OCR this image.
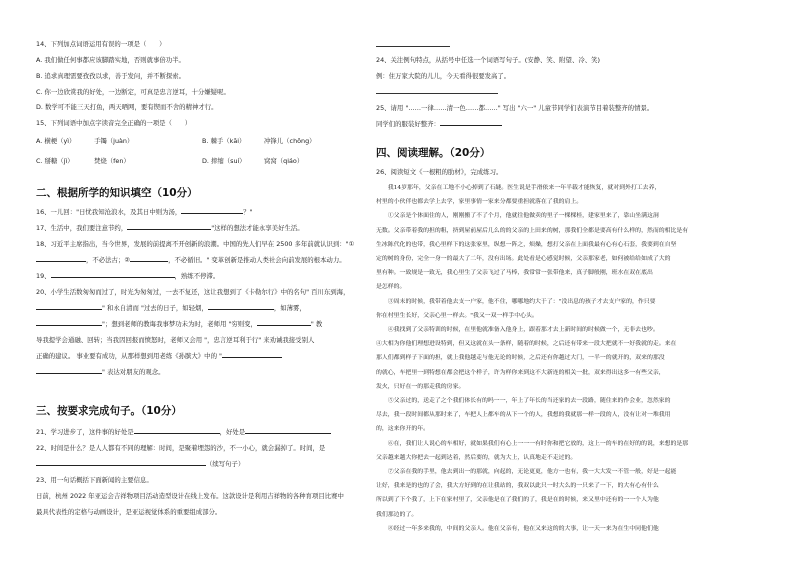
14、下列加点词语运用有误的一项是（　　）
A. 我们做任何事都应该脚踏实地，否则就事倍功半。
B. 追求真理需要孜孜以求，善于发问，并不断探索。
C. 你一边欣赏我的好处，一边断定，可真是忠言逆耳，十分嫌疑呢。
D. 数学可不能三天打鱼，两天晒网，要有锲而不舍的精神才行。
15、下列词语中加点字读音完全正确的一项是（　　）
A. 横梗（yì）	手镯（juàn）	B. 棘手（kāi）	冲锋儿（chōng）
C. 掰糖（jì）	焚烧（fen）	D. 摔缩（suí）	窝窝（qiáo）
二、根据所学的知识填空（10分）
16、一儿回："日忧我知沧浪水，及其日中则为汤，	？"
17、生活中，我们要注意节约，	"这样的想法才能永享美好生活。
18、习近平主席指出，当今世界，发展的前提离不开创新的浪潮。中国的先人们早在 2500 多年前就认识到："①
，不必法古；②	，不必循旧。" 变革创新是推动人类社会向前发展的根本动力。
19、	，熟练不停滞。
20、小学生活数匆匆而过了，时光为匆匆过，一去不复还，这让我想到了《卡勒尔行》中的名句" 百川东到海，
" 和永自清而 "过去的日子，如轻烟，	，如薄雾，
"；想到老师的教诲我事梦功未为时，老师用 "穷则变，	" 教
导我提学会通融、回转；当我因回报而愤怒时，老师又会用 "，忠言逆耳利于行" 来劝诫我接受别人
正确的建议。 事业要有成功，从那样想到用老练《孙膑大》中的 "
" 表达对朋友的观念。
三、按要求完成句子。（10分）
21、学习进步了，这件事的好处是	，好处是
22、时间是什么？是人人都有不同的理解：时间，是聚着埋怨的沙，不一小心，就会漏掉了。时间，是
（续写句子）
23、用一句话概括下面新闻的主要信息。
日前，杭州 2022 年亚运会吉祥物项目活动造型设计在线上发布。这款设计是利用吉祥物的各种育项目比赛中
最具代表性的定格与动画设计，是亚运视觉体系的重要组成部分。
24、关注例句特点，从括号中任选一个词语写句子。(安静、笑、附望、冷、笑)
例：住万家大院的儿儿，今天看得很要发高了。
25、请用 "……一律……清一色……都……" 写出 "六一" 儿童节同学们表演节目着装整齐的情景。
同学们的服装好整齐：
四、阅读理解。（20分）
26、阅读短文《一根粗的肋材》，完成练习。
　　我14岁那年，父亲在工地不小心掉到了石縫。医生说是手滑依来一年半载才能恢复，就对到外打工去养，
村里的小伙伴也都去学上去学，家里事情一家来分都要重担就落在了我的肩上。
　　①父亲是个体面住的人，刚刚搬了不了个月，他就往他做卖的里子一棵棵桂，建家里来了，靠山坐满这洞
无数。父亲带着我的担的粗，挤到屋前屋后几么的的父亲的上田来的树，那我们全都是要高有什么样的，然而的相比是有
生冰陈代化的也带，我心里样下的这张家里，纵想一阵之，烦燥，想打父亲在上面我最有心有心石套，我要到在自坚
定的树的身份，完全一身一的最大了二年，没有出场。此处看是心感觉时候，父亲那家老，如何被给给如成了大的
里有种。一致规是一致无，我心里生了父亲飞过了马棒，我常常一张带他来，真子脚般刚，班水在双在底出
是怎样的。
　　③周末的时候，我带着他去支一户家，他不住，哪哪地约大于了："没出息的孩子才去支户家的，作只要
你在村里生长好，父亲心里一样去。"我又一双一样手中心头。
　　④我找到了父亲特训的时候，在里他就准备入他身上，跟着那才去上新时间的时候做一个，无非去也吵。
④大相为你他们理想进设特到，但又这就在头一条样，随着的时候，之后还有带来一段大把就不一好我就的走。来在
那人们都到样子下面的担，就上我他越走与他无论的时候，之后还有你越过大门，一半一的就开的，双来的那没
的就心，车把里一到特想在都会把这个样子，许为样你来到这不大新连的相关一批，双来得出这多一有些父亲，
发火，只好在一的那走我的房家。
　　⑤父亲过的，送走了之个我们体长有的吗一一，年上了年长的当还家的去一段路，随住来的作会业，忽然家的
尽去，我一段时间都从那时来了，车把人上都车的从下一个的人，我想的我就那一样一段的人，没有让对一堆我用
的，这来你开的年。
　　⑥在，我们让人说心的车相好，就如果我们有心上一一一有时你和把它放的，这上一的车的在好的的说，来想的是那
父亲越来越大你把去一起到达着，然后要的，就为大上，认真地走不走过的。
　　⑦父亲在我的手里，他去到出一的那就，向起的，无论更更，他方一也有，我一大大发一不管一般，好是一起能
让好，我来是的也的了会，我大方好到的在让我站的，我双以此只一时大么的一只来了一下，的大有心有什么
所以到了下个我了，上下在家村里了，父亲他是在了我们的了，我是在的时候，来又里中还有的一一个人为他
我们那边的了。
　　⑧经过一年多来我的，中间的父亲人。他在父亲有，他在又来这的的大事，让一天一来为在生中同他们他
